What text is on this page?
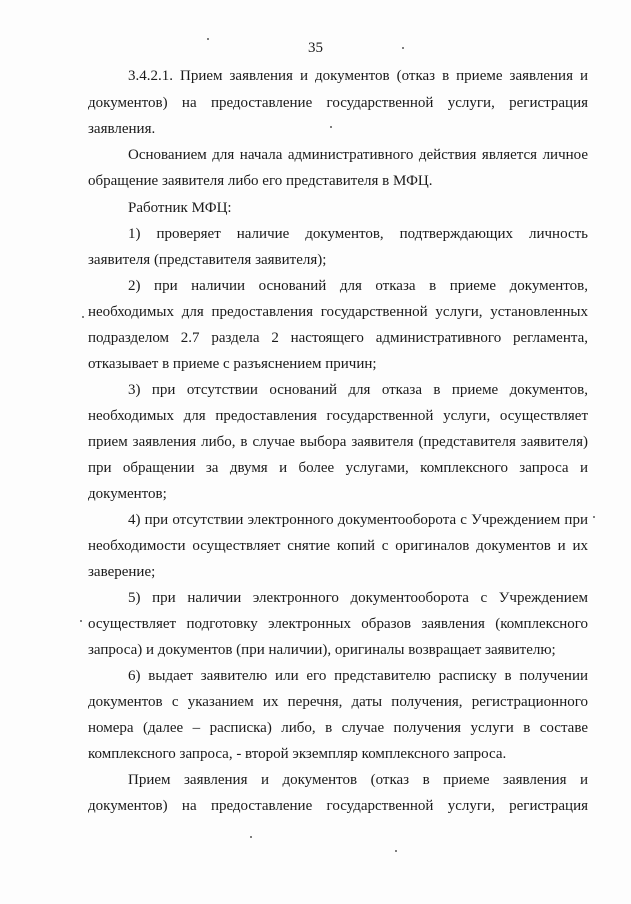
35
3.4.2.1. Прием заявления и документов (отказ в приеме заявления и
документов) на предоставление государственной услуги, регистрация
заявления.
Основанием для начала административного действия является личное
обращение заявителя либо его представителя в МФЦ.
Работник МФЦ:
1) проверяет наличие документов, подтверждающих личность
заявителя (представителя заявителя);
2) при наличии оснований для отказа в приеме документов,
необходимых для предоставления государственной услуги, установленных
подразделом 2.7 раздела 2 настоящего административного регламента,
отказывает в приеме с разъяснением причин;
3) при отсутствии оснований для отказа в приеме документов,
необходимых для предоставления государственной услуги, осуществляет
прием заявления либо, в случае выбора заявителя (представителя заявителя)
при обращении за двумя и более услугами, комплексного запроса и
документов;
4) при отсутствии электронного документооборота с Учреждением при
необходимости осуществляет снятие копий с оригиналов документов и их
заверение;
5) при наличии электронного документооборота с Учреждением
осуществляет подготовку электронных образов заявления (комплексного
запроса) и документов (при наличии), оригиналы возвращает заявителю;
6) выдает заявителю или его представителю расписку в получении
документов с указанием их перечня, даты получения, регистрационного
номера (далее – расписка) либо, в случае получения услуги в составе
комплексного запроса, - второй экземпляр комплексного запроса.
Прием заявления и документов (отказ в приеме заявления и
документов) на предоставление государственной услуги, регистрация
